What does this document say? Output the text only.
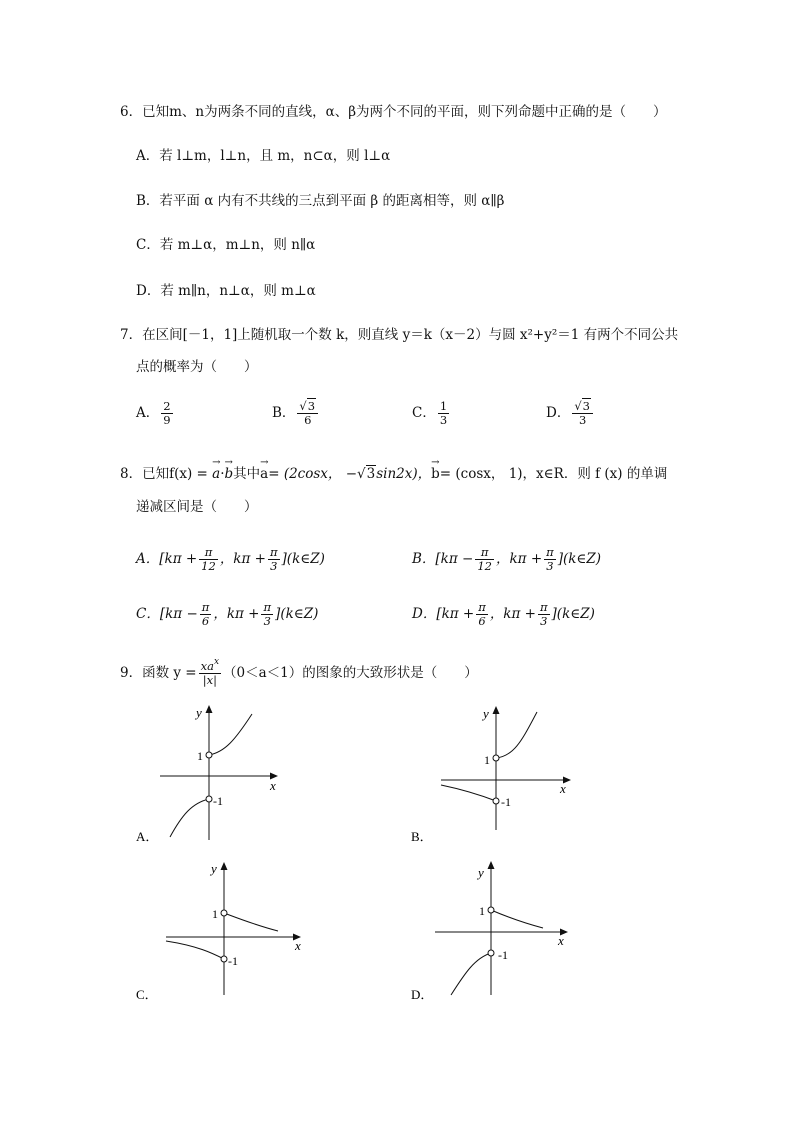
6．已知m、n为两条不同的直线，α、β为两个不同的平面，则下列命题中正确的是（　　）
A．若 l⊥m，l⊥n，且 m，n⊂α，则 l⊥α
B．若平面 α 内有不共线的三点到平面 β 的距离相等，则 α∥β
C．若 m⊥α，m⊥n，则 n∥α
D．若 m∥n，n⊥α，则 m⊥α
7．在区间[－1，1]上随机取一个数 k，则直线 y＝k（x－2）与圆 x²+y²＝1 有两个不同公共
点的概率为（　　）
A． $\frac{2}{9}$	B． $\frac{√3}{6}$	C． $\frac{1}{3}$	D． $\frac{√3}{3}$
8．已知f(x) = → a·→ b其中→ a= (2cosx， −√3sin2x)，→ b= (cosx， 1)，x∈R．则 f (x) 的单调
递减区间是（　　）
A．[$k\pi + \frac{\pi}{12}$ ，$k\pi + \frac{\pi}{3}$ ](k∈Z)	B．[$k\pi - \frac{\pi}{12}$ ，$k\pi + \frac{\pi}{3}$ ](k∈Z)
C．[$k\pi - \frac{\pi}{6}$ ，$k\pi + \frac{\pi}{3}$ ](k∈Z)	D．[$k\pi + \frac{\pi}{6}$ ，$k\pi + \frac{\pi}{3}$ ](k∈Z)
9．函数 $y = \frac{xa^x}{|x|} (0<a<1)$的图象的大致形状是（　　）
y
x
1
-1
A．
y
x
1
-1
B．
y
x
1
-1
C．
y
x
1
-1
D．
